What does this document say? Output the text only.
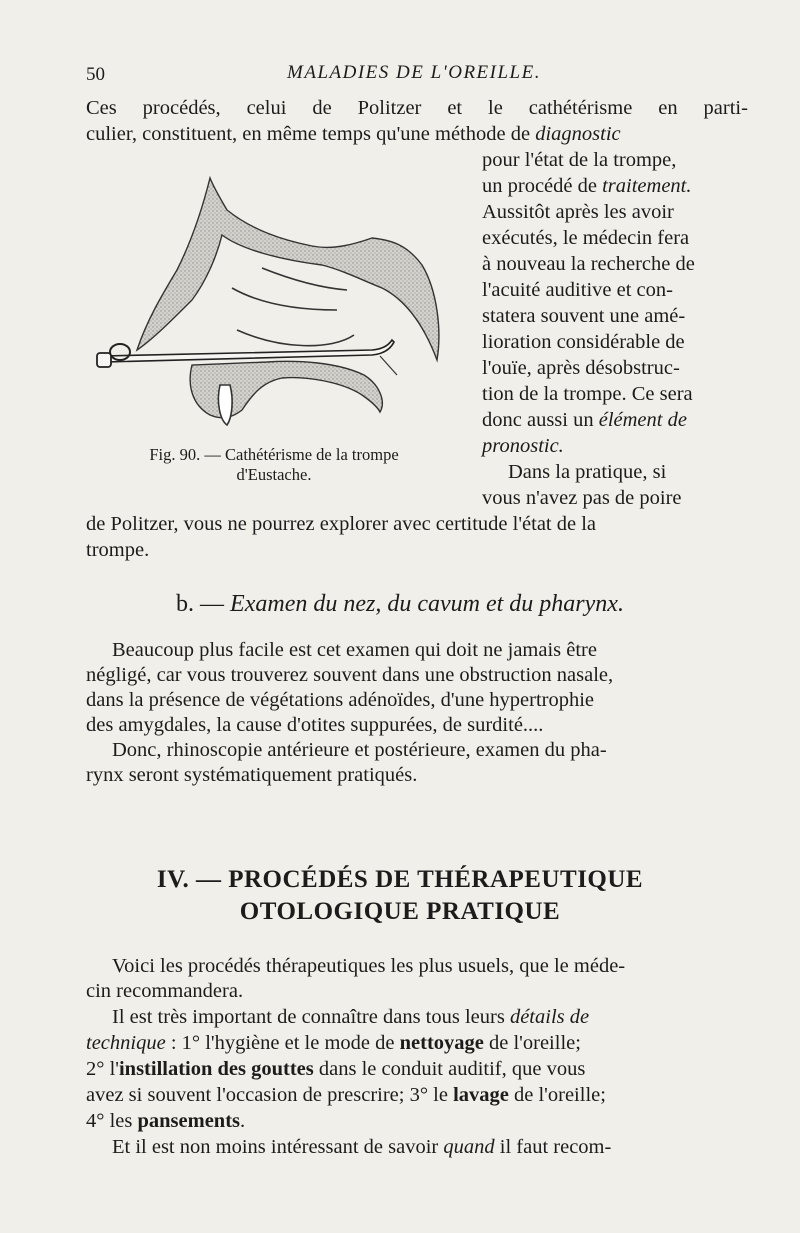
50	MALADIES DE L'OREILLE.
Ces procédés, celui de Politzer et le cathétérisme en parti-
culier, constituent, en même temps qu'une méthode de diagnostic
pour l'état de la trompe,
un procédé de traitement.
Aussitôt après les avoir
exécutés, le médecin fera
à nouveau la recherche de
l'acuité auditive et con-
statera souvent une amé-
lioration considérable de
l'ouïe, après désobstruc-
tion de la trompe. Ce sera
donc aussi un élément de
pronostic.
Dans la pratique, si
vous n'avez pas de poire
de Politzer, vous ne pourrez explorer avec certitude l'état de la
trompe.
Fig. 90. — Cathétérisme de la trompe
d'Eustache.
b. — Examen du nez, du cavum et du pharynx.
Beaucoup plus facile est cet examen qui doit ne jamais être
négligé, car vous trouverez souvent dans une obstruction nasale,
dans la présence de végétations adénoïdes, d'une hypertrophie
des amygdales, la cause d'otites suppurées, de surdité....
Donc, rhinoscopie antérieure et postérieure, examen du pha-
rynx seront systématiquement pratiqués.
IV. — PROCÉDÉS DE THÉRAPEUTIQUE
OTOLOGIQUE PRATIQUE
Voici les procédés thérapeutiques les plus usuels, que le méde-
cin recommandera.
Il est très important de connaître dans tous leurs détails de
technique : 1° l'hygiène et le mode de nettoyage de l'oreille;
2° l'instillation des gouttes dans le conduit auditif, que vous
avez si souvent l'occasion de prescrire; 3° le lavage de l'oreille;
4° les pansements.
Et il est non moins intéressant de savoir quand il faut recom-
